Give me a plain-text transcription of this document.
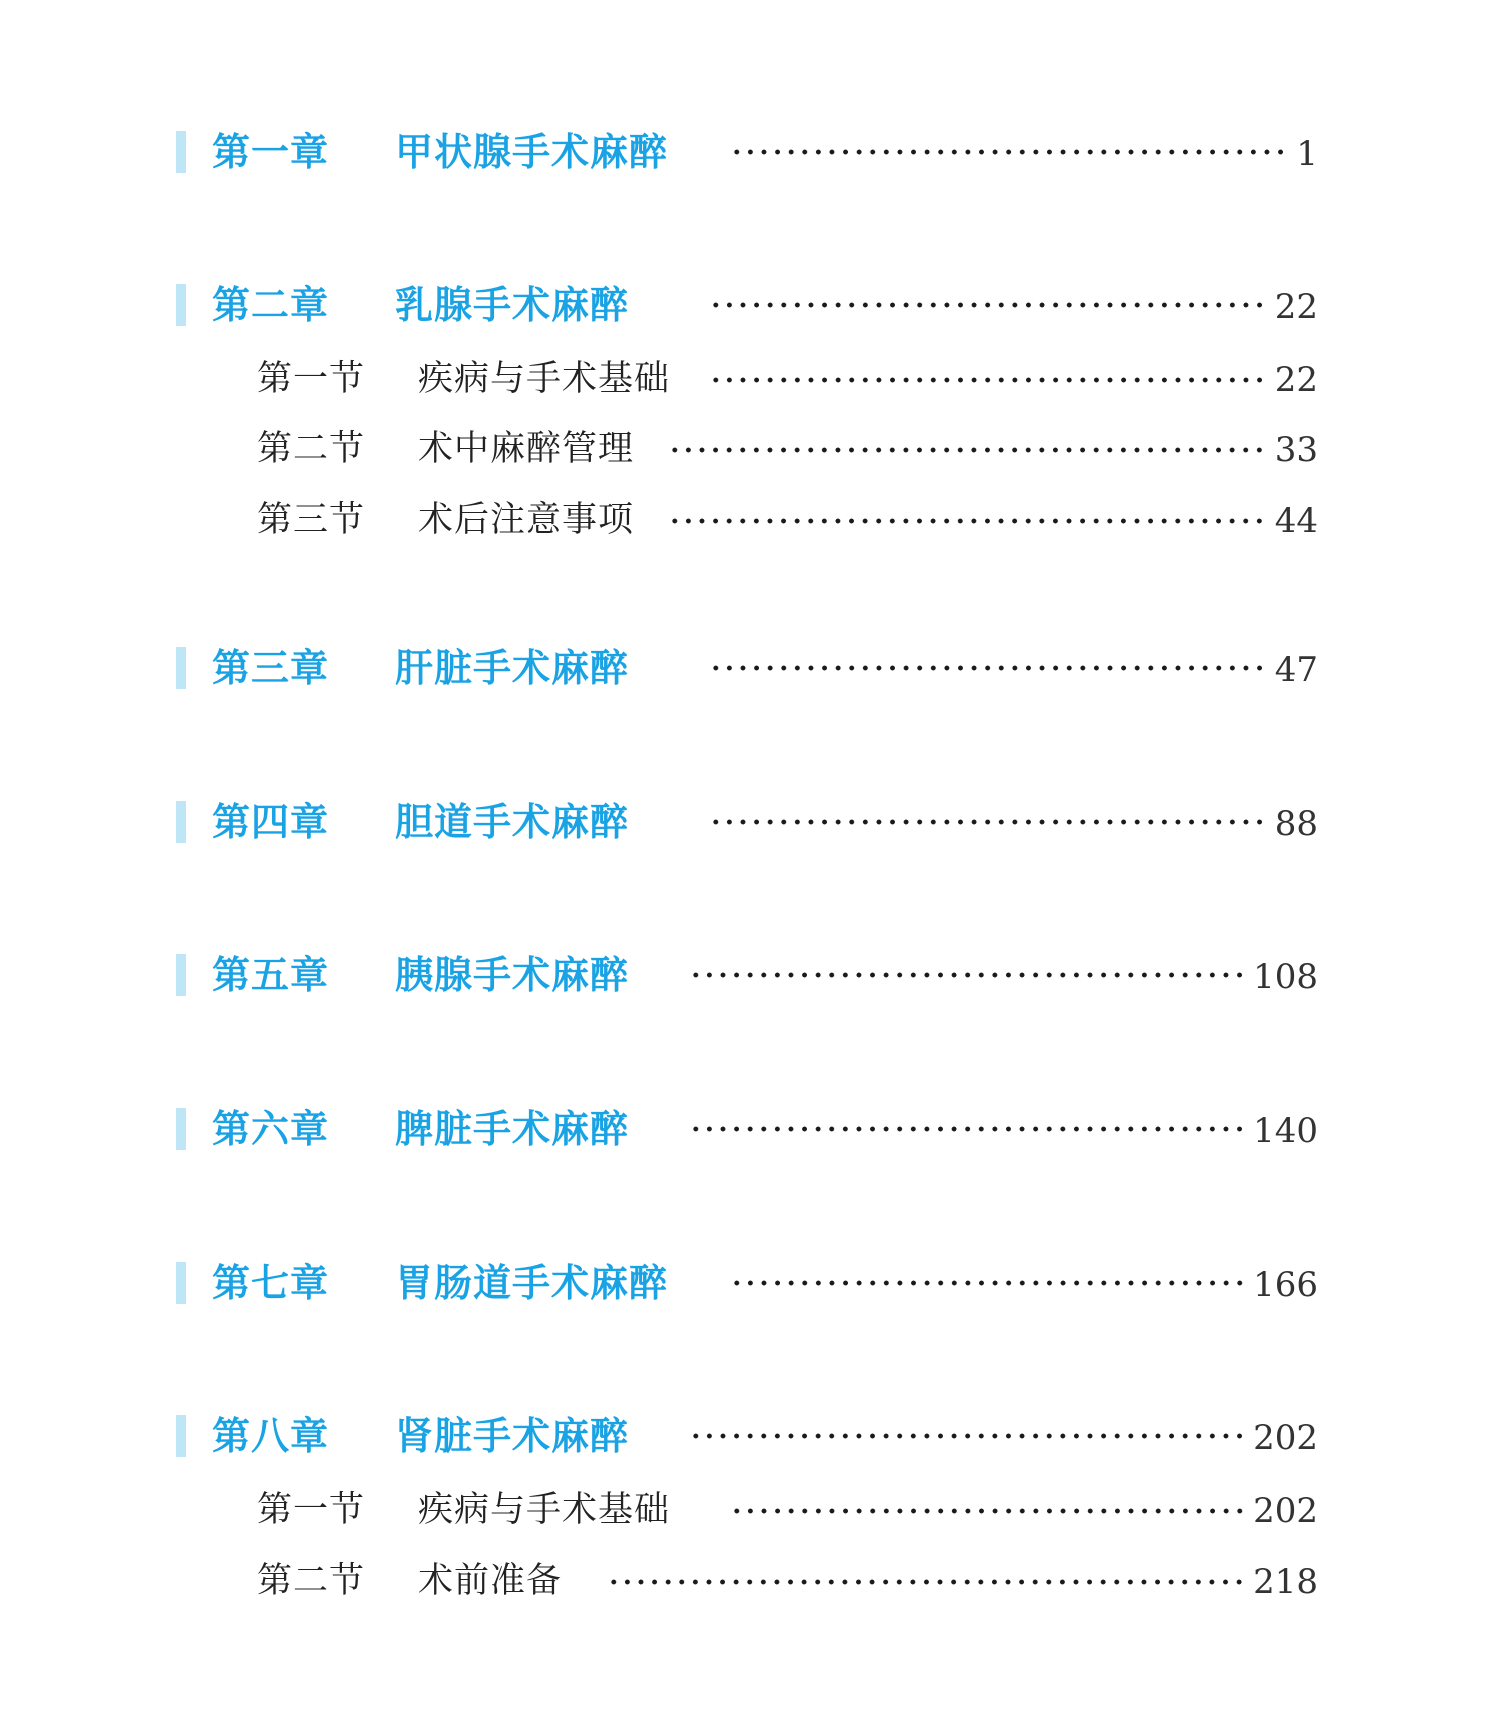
第一章 甲状腺手术麻醉	1
第二章 乳腺手术麻醉	22
第一节 疾病与手术基础	22
第二节 术中麻醉管理	33
第三节 术后注意事项	44
第三章 肝脏手术麻醉	47
第四章 胆道手术麻醉	88
第五章 胰腺手术麻醉	108
第六章 脾脏手术麻醉	140
第七章 胃肠道手术麻醉	166
第八章 肾脏手术麻醉	202
第一节 疾病与手术基础	202
第二节 术前准备	218
